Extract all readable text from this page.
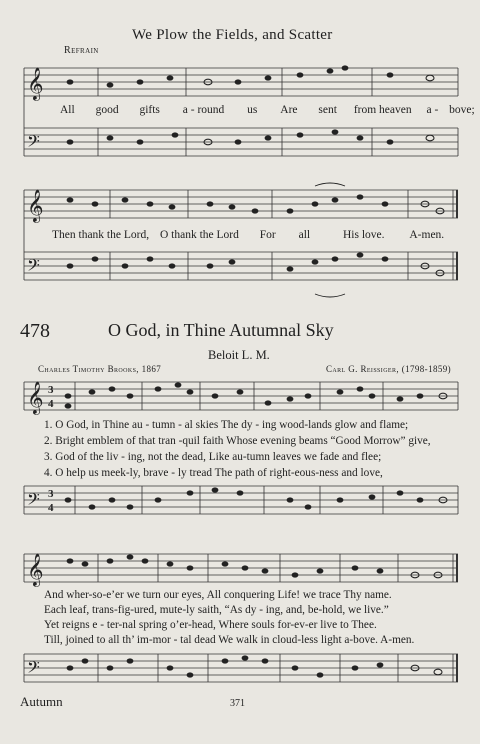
We Plow the Fields, and Scatter
Refrain
𝄞
𝄢
All good gifts a - round us Are sent from heaven a - bove;
𝄞
𝄢
Then thank the Lord, O thank the Lord For all	His love. A-men.
478	O God, in Thine Autumnal Sky
Beloit L. M.
Charles Timothy Brooks, 1867	Carl G. Reissiger, (1798-1859)
𝄞 3
4
1. O God, in Thine au - tumn - al skies The dy - ing wood-lands glow and flame;
2. Bright emblem of that tran -quil faith Whose evening beams “Good Morrow” give,
3. God of the liv - ing, not the dead, Like au-tumn leaves we fade and flee;
4. O help us meek-ly, brave - ly tread The path of right-eous-ness and love,
𝄢 3
4
𝄞
And wher-so-e’er we turn our eyes, All conquering Life! we trace Thy name.
Each leaf, trans-fig-ured, mute-ly saith, “As dy - ing, and, be-hold, we live.”
Yet reigns e - ter-nal spring o’er-head, Where souls for-ev-er live to Thee.
Till, joined to all th’ im-mor - tal dead We walk in cloud-less light a-bove. A-men.
𝄢
Autumn	371
